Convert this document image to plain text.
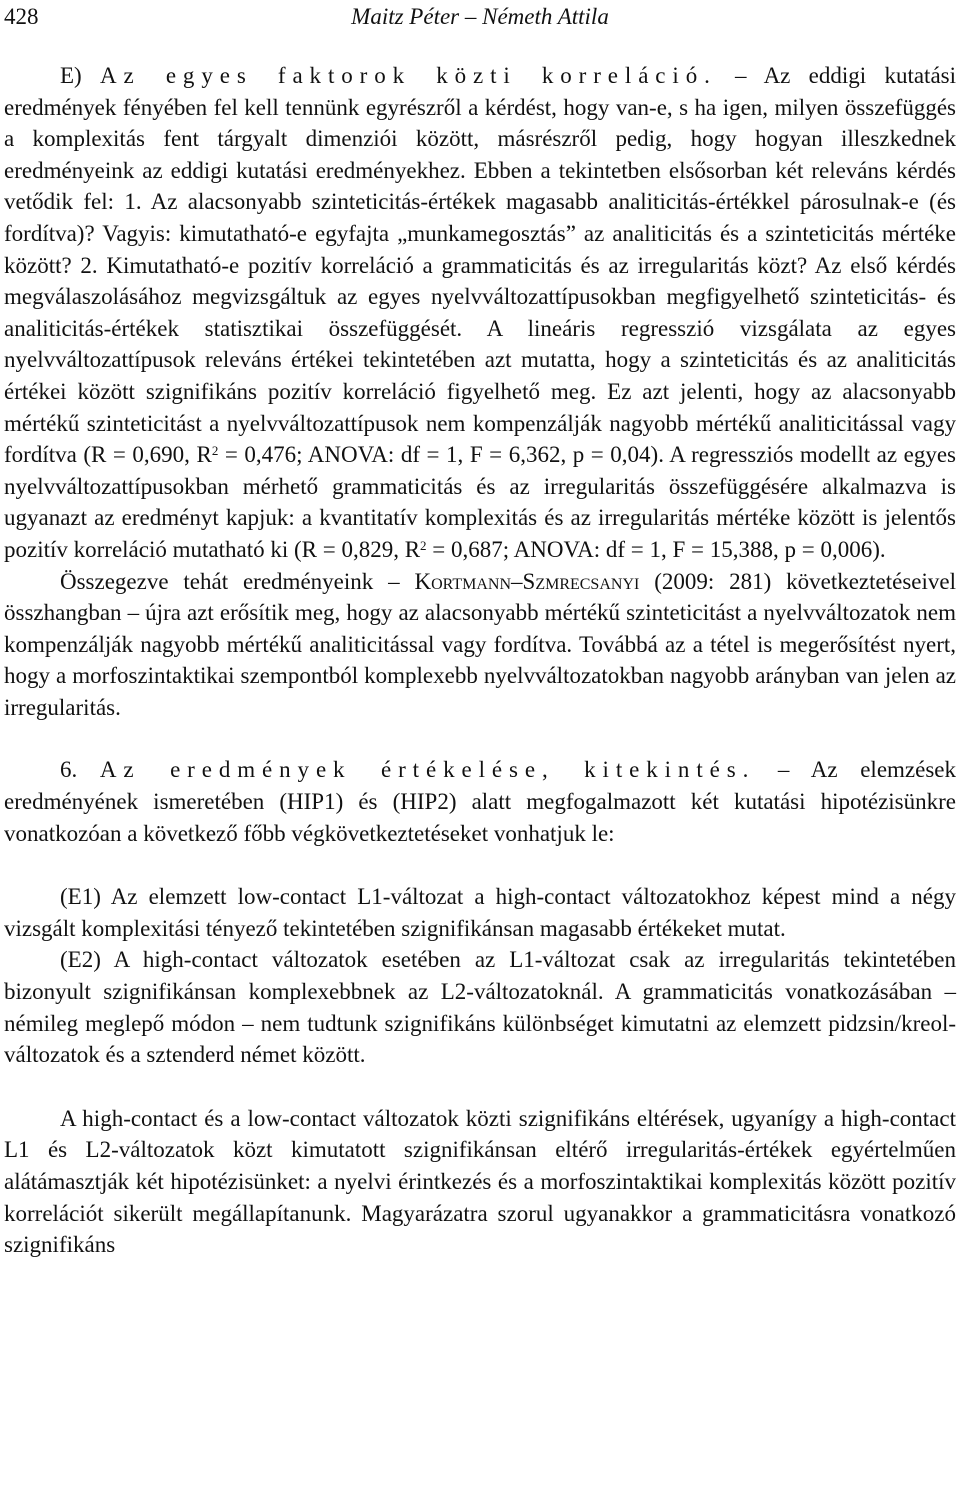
428	Maitz Péter – Németh Attila

E) Az egyes faktorok közti korreláció. – Az eddigi kutatási eredmények fényében fel kell tennünk egyrészről a kérdést, hogy van-e, s ha igen, milyen összefüggés a komplexitás fent tárgyalt dimenziói között, másrészről pedig, hogy hogyan illeszkednek eredményeink az eddigi kutatási eredményekhez. Ebben a tekintetben elsősorban két releváns kérdés vetődik fel: 1. Az alacsonyabb szinteticitás-értékek magasabb analiticitás-értékkel párosulnak-e (és fordítva)? Vagyis: kimutatható-e egyfajta „munkamegosztás” az analiticitás és a szinteticitás mértéke között? 2. Kimutatható-e pozitív korreláció a grammaticitás és az irregularitás közt? Az első kérdés megválaszolásához megvizsgáltuk az egyes nyelvváltozattípusokban megfigyelhető szinteticitás- és analiticitás-értékek statisztikai összefüggését. A lineáris regresszió vizsgálata az egyes nyelvváltozattípusok releváns értékei tekintetében azt mutatta, hogy a szinteticitás és az analiticitás értékei között szignifikáns pozitív korreláció figyelhető meg. Ez azt jelenti, hogy az alacsonyabb mértékű szinteticitást a nyelvváltozattípusok nem kompenzálják nagyobb mértékű analiticitással vagy fordítva (R = 0,690, $R^2 = 0,476$; ANOVA: df = 1, F = 6,362, p = 0,04). A regressziós modellt az egyes nyelvváltozattípusokban mérhető grammaticitás és az irregularitás összefüggésére alkalmazva is ugyanazt az eredményt kapjuk: a kvantitatív komplexitás és az irregularitás mértéke között is jelentős pozitív korreláció mutatható ki (R = 0,829, $R^2 = 0,687$; ANOVA: df = 1, F = 15,388, p = 0,006).

Összegezve tehát eredményeink – Kortmann–Szmrecsanyi (2009: 281) következtetéseivel összhangban – újra azt erősítik meg, hogy az alacsonyabb mértékű szinteticitást a nyelvváltozatok nem kompenzálják nagyobb mértékű analiticitással vagy fordítva. Továbbá az a tétel is megerősítést nyert, hogy a morfoszintaktikai szempontból komplexebb nyelvváltozatokban nagyobb arányban van jelen az irregularitás.

6. Az eredmények értékelése, kitekintés. – Az elemzések eredményének ismeretében (HIP1) és (HIP2) alatt megfogalmazott két kutatási hipotézisünkre vonatkozóan a következő főbb végkövetkeztetéseket vonhatjuk le:

(E1) Az elemzett low-contact L1-változat a high-contact változatokhoz képest mind a négy vizsgált komplexitási tényező tekintetében szignifikánsan magasabb értékeket mutat.

(E2) A high-contact változatok esetében az L1-változat csak az irregularitás tekintetében bizonyult szignifikánsan komplexebbnek az L2-változatoknál. A grammaticitás vonatkozásában – némileg meglepő módon – nem tudtunk szignifikáns különbséget kimutatni az elemzett pidzsin/kreol-változatok és a sztenderd német között.

A high-contact és a low-contact változatok közti szignifikáns eltérések, ugyanígy a high-contact L1 és L2-változatok közt kimutatott szignifikánsan eltérő irregularitás-értékek egyértelműen alátámasztják két hipotézisünket: a nyelvi érintkezés és a morfoszintaktikai komplexitás között pozitív korrelációt sikerült megállapítanunk. Magyarázatra szorul ugyanakkor a grammaticitásra vonatkozó szignifikáns
